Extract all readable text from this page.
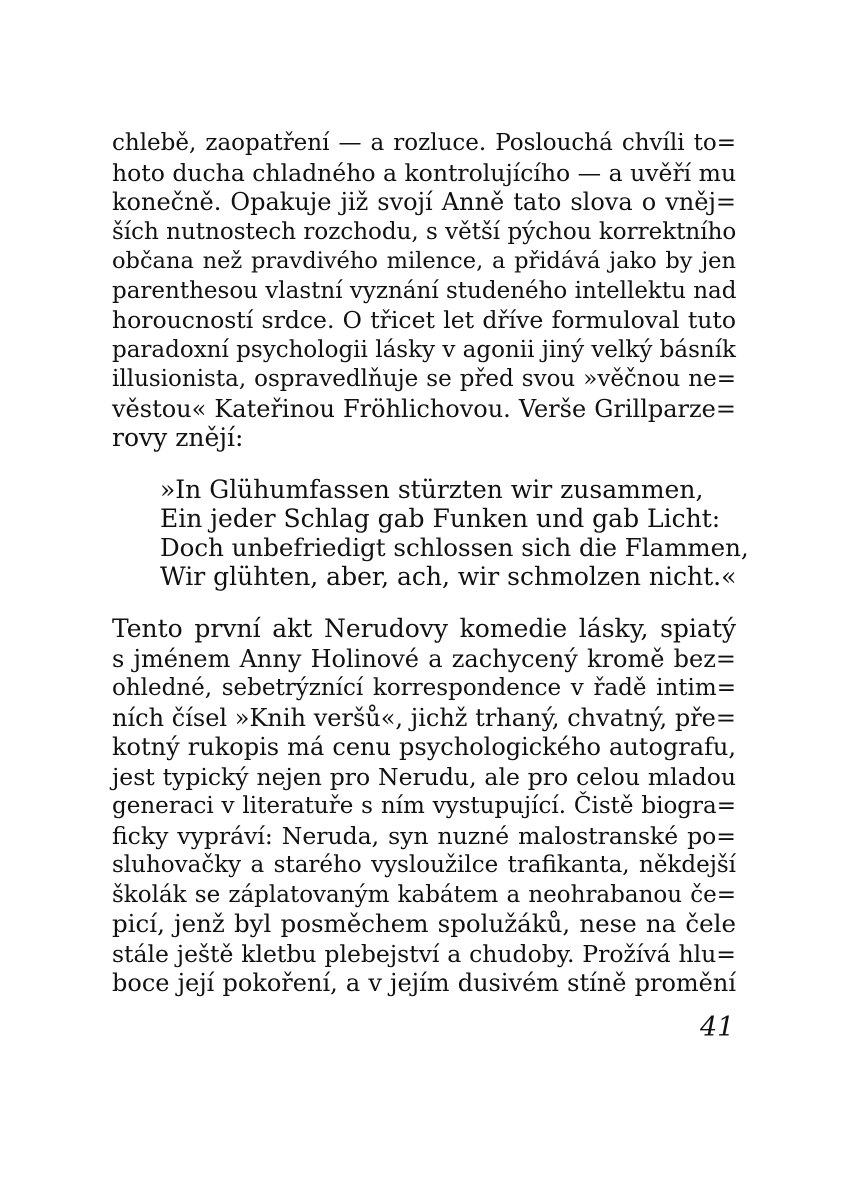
chlebě, zaopatření — a rozluce. Poslouchá chvíli to=
hoto ducha chladného a kontrolujícího — a uvěří mu
konečně. Opakuje již svojí Anně tato slova o vněj=
ších nutnostech rozchodu, s větší pýchou korrektního
občana než pravdivého milence, a přidává jako by jen
parenthesou vlastní vyznání studeného intellektu nad
horoucností srdce. O třicet let dříve formuloval tuto
paradoxní psychologii lásky v agonii jiný velký básník
illusionista, ospravedlňuje se před svou »věčnou ne=
věstou« Kateřinou Fröhlichovou. Verše Grillparze=
rovy znějí:
»In Glühumfassen stürzten wir zusammen,
Ein jeder Schlag gab Funken und gab Licht:
Doch unbefriedigt schlossen sich die Flammen,
Wir glühten, aber, ach, wir schmolzen nicht.«
Tento první akt Nerudovy komedie lásky, spiatý
s jménem Anny Holinové a zachycený kromě bez=
ohledné, sebetrýznící korrespondence v řadě intim=
ních čísel »Knih veršů«, jichž trhaný, chvatný, pře=
kotný rukopis má cenu psychologického autografu,
jest typický nejen pro Nerudu, ale pro celou mladou
generaci v literatuře s ním vystupující. Čistě biogra=
ficky vypráví: Neruda, syn nuzné malostranské po=
sluhovačky a starého vysloužilce trafikanta, někdejší
školák se záplatovaným kabátem a neohrabanou če=
picí, jenž byl posměchem spolužáků, nese na čele
stále ještě kletbu plebejství a chudoby. Prožívá hlu=
boce její pokoření, a v jejím dusivém stíně promění
41
